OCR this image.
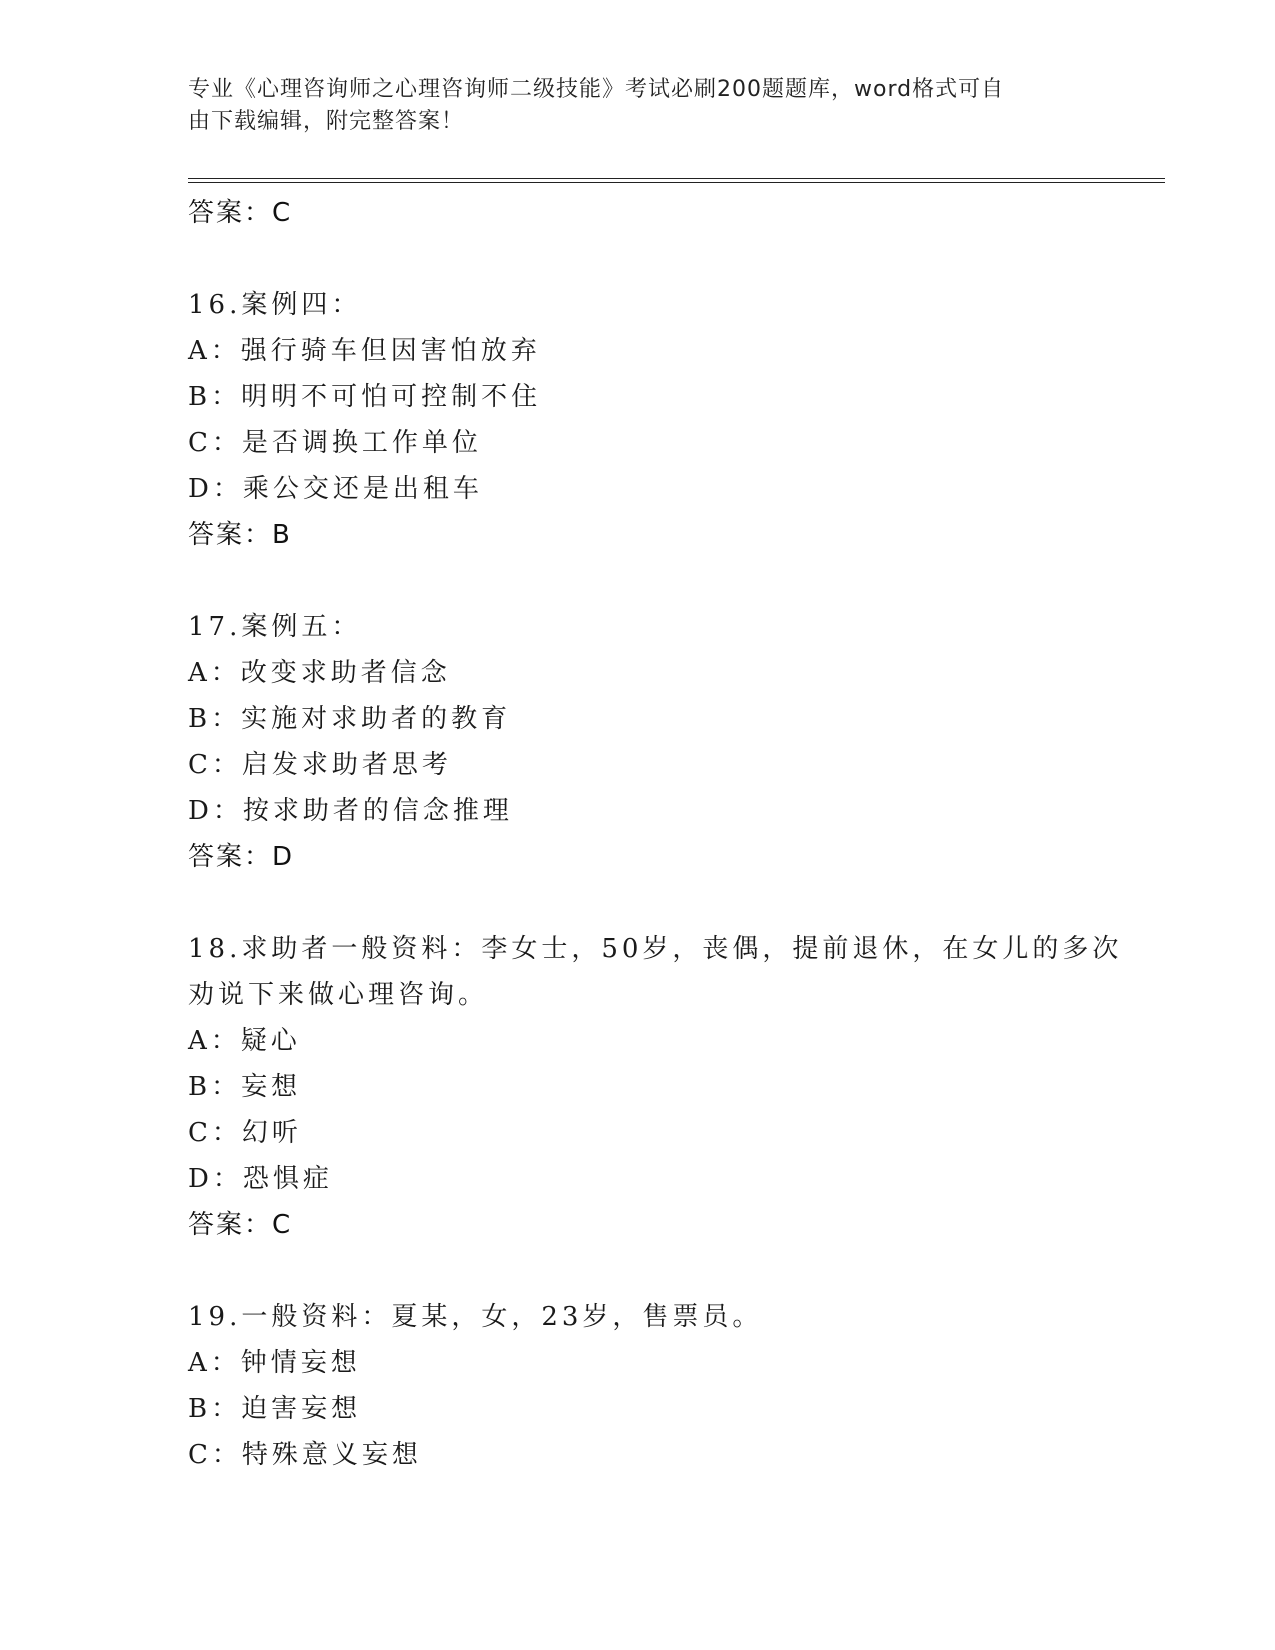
专业《心理咨询师之心理咨询师二级技能》考试必刷200题题库，word格式可自
由下载编辑，附完整答案！
答案：C
16.案例四：
A：强行骑车但因害怕放弃
B：明明不可怕可控制不住
C：是否调换工作单位
D：乘公交还是出租车
答案：B
17.案例五：
A：改变求助者信念
B：实施对求助者的教育
C：启发求助者思考
D：按求助者的信念推理
答案：D
18.求助者一般资料：李女士，50岁，丧偶，提前退休，在女儿的多次
劝说下来做心理咨询。
A：疑心
B：妄想
C：幻听
D：恐惧症
答案：C
19.一般资料：夏某，女，23岁，售票员。
A：钟情妄想
B：迫害妄想
C：特殊意义妄想
